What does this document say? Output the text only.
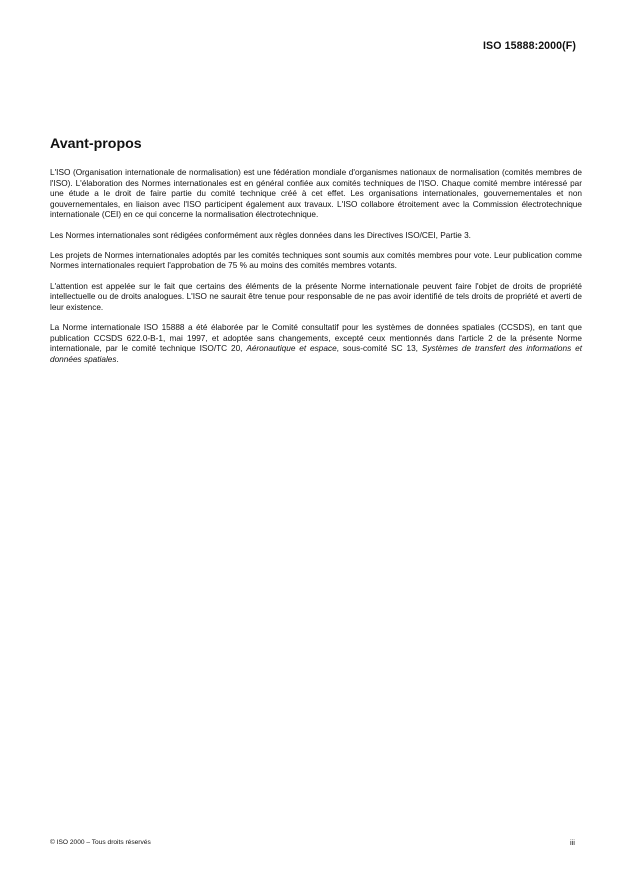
ISO 15888:2000(F)
Avant-propos

L'ISO (Organisation internationale de normalisation) est une fédération mondiale d'organismes nationaux de normalisation (comités membres de l'ISO). L'élaboration des Normes internationales est en général confiée aux comités techniques de l'ISO. Chaque comité membre intéressé par une étude a le droit de faire partie du comité technique créé à cet effet. Les organisations internationales, gouvernementales et non gouvernementales, en liaison avec l'ISO participent également aux travaux. L'ISO collabore étroitement avec la Commission électrotechnique internationale (CEI) en ce qui concerne la normalisation électrotechnique.

Les Normes internationales sont rédigées conformément aux règles données dans les Directives ISO/CEI, Partie 3.

Les projets de Normes internationales adoptés par les comités techniques sont soumis aux comités membres pour vote. Leur publication comme Normes internationales requiert l'approbation de 75 % au moins des comités membres votants.

L'attention est appelée sur le fait que certains des éléments de la présente Norme internationale peuvent faire l'objet de droits de propriété intellectuelle ou de droits analogues. L'ISO ne saurait être tenue pour responsable de ne pas avoir identifié de tels droits de propriété et averti de leur existence.

La Norme internationale ISO 15888 a été élaborée par le Comité consultatif pour les systèmes de données spatiales (CCSDS), en tant que publication CCSDS 622.0-B-1, mai 1997, et adoptée sans changements, excepté ceux mentionnés dans l'article 2 de la présente Norme internationale, par le comité technique ISO/TC 20, Aéronautique et espace, sous-comité SC 13, Systèmes de transfert des informations et données spatiales.

© ISO 2000 – Tous droits réservés	iii
